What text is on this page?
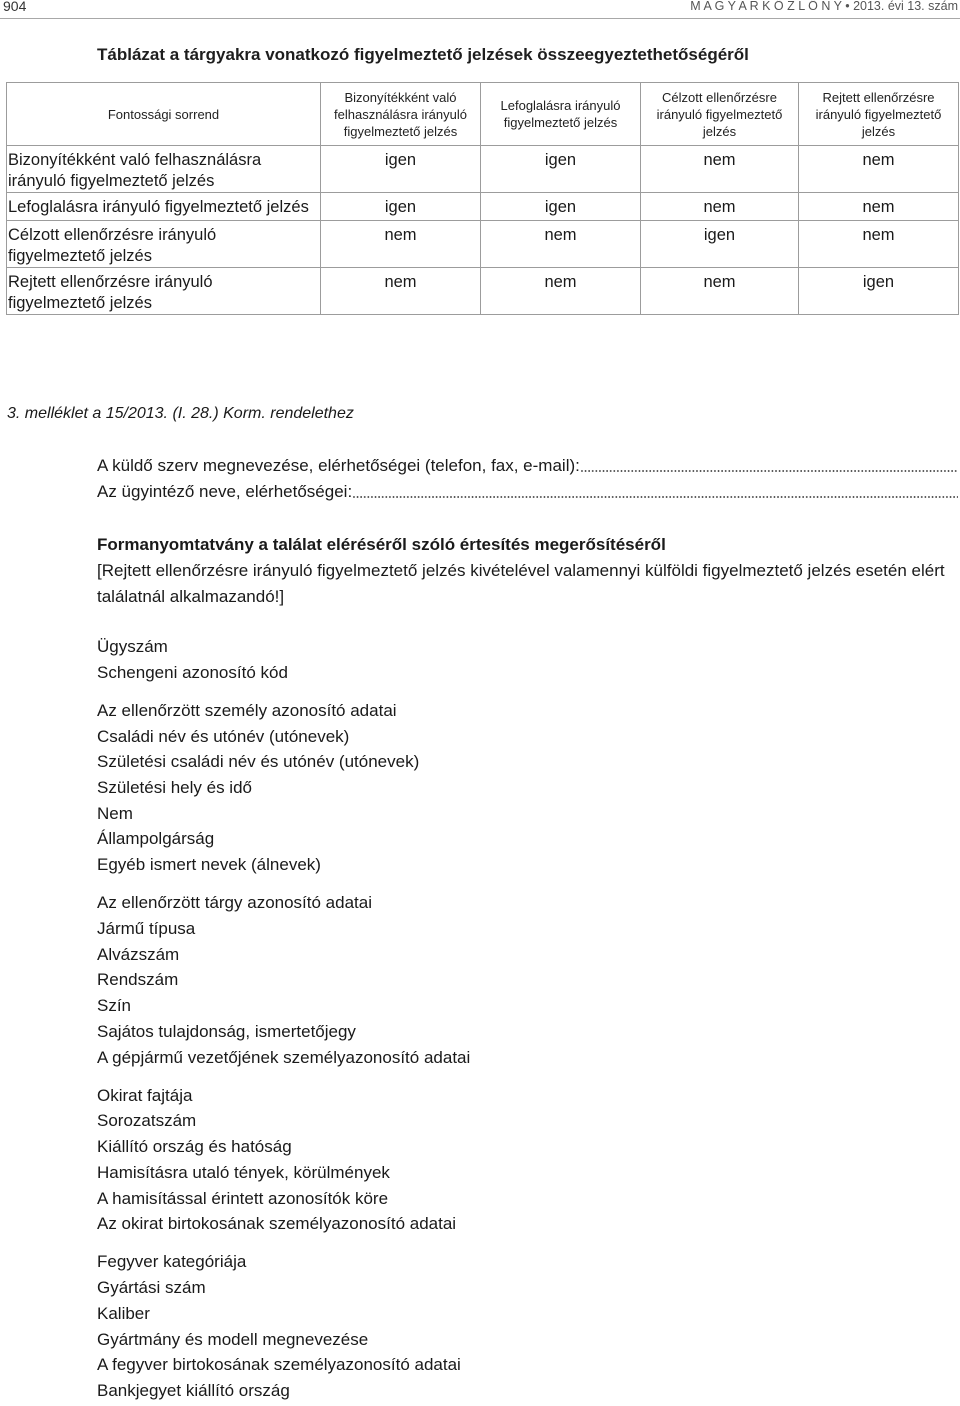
904	M A G Y A R K Ö Z L Ö N Y • 2013. évi 13. szám
Táblázat a tárgyakra vonatkozó figyelmeztető jelzések összeegyeztethetőségéről
Fontossági sorrend	Bizonyítékként való felhasználásra irányuló figyelmeztető jelzés	Lefoglalásra irányuló figyelmeztető jelzés	Célzott ellenőrzésre irányuló figyelmeztető jelzés	Rejtett ellenőrzésre irányuló figyelmeztető jelzés
Bizonyítékként való felhasználásra irányuló figyelmeztető jelzés	igen	igen	nem	nem
Lefoglalásra irányuló figyelmeztető jelzés	igen	igen	nem	nem
Célzott ellenőrzésre irányuló figyelmeztető jelzés	nem	nem	igen	nem
Rejtett ellenőrzésre irányuló figyelmeztető jelzés	nem	nem	nem	igen
3. melléklet a 15/2013. (I. 28.) Korm. rendelethez
A küldő szerv megnevezése, elérhetőségei (telefon, fax, e-mail):
Az ügyintéző neve, elérhetőségei:
Formanyomtatvány a találat eléréséről szóló értesítés megerősítéséről
[Rejtett ellenőrzésre irányuló figyelmeztető jelzés kivételével valamennyi külföldi figyelmeztető jelzés esetén elért találatnál alkalmazandó!]
Ügyszám
Schengeni azonosító kód
Az ellenőrzött személy azonosító adatai
Családi név és utónév (utónevek)
Születési családi név és utónév (utónevek)
Születési hely és idő
Nem
Állampolgárság
Egyéb ismert nevek (álnevek)
Az ellenőrzött tárgy azonosító adatai
Jármű típusa
Alvázszám
Rendszám
Szín
Sajátos tulajdonság, ismertetőjegy
A gépjármű vezetőjének személyazonosító adatai
Okirat fajtája
Sorozatszám
Kiállító ország és hatóság
Hamisításra utaló tények, körülmények
A hamisítással érintett azonosítók köre
Az okirat birtokosának személyazonosító adatai
Fegyver kategóriája
Gyártási szám
Kaliber
Gyártmány és modell megnevezése
A fegyver birtokosának személyazonosító adatai
Bankjegyet kiállító ország
